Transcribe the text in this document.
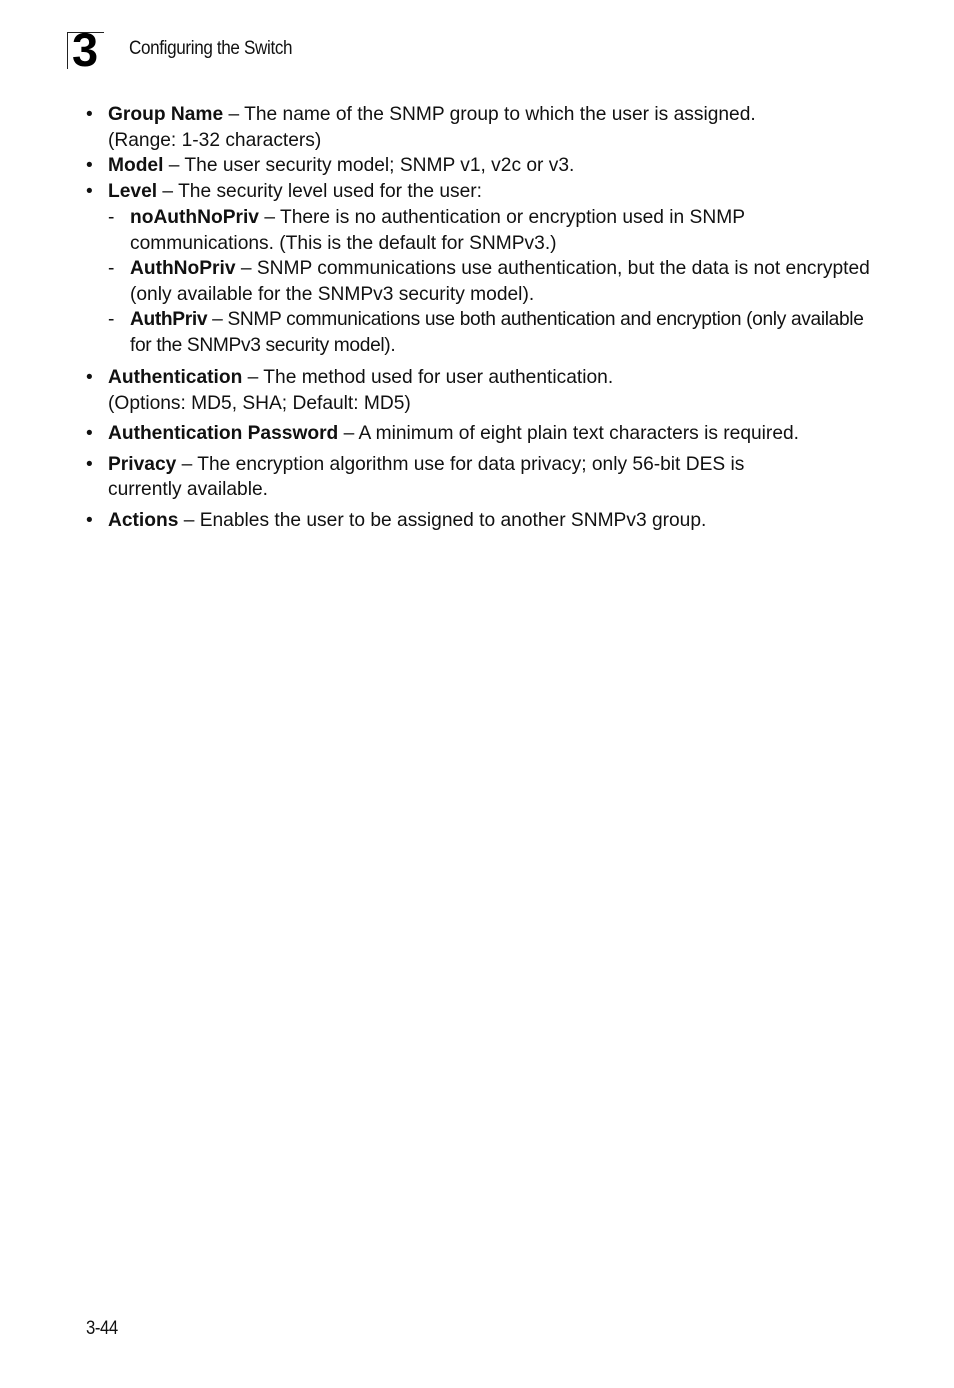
3 Configuring the Switch
• Group Name – The name of the SNMP group to which the user is assigned.
(Range: 1-32 characters)
• Model – The user security model; SNMP v1, v2c or v3.
• Level – The security level used for the user:
- noAuthNoPriv – There is no authentication or encryption used in SNMP communications. (This is the default for SNMPv3.)
- AuthNoPriv – SNMP communications use authentication, but the data is not encrypted (only available for the SNMPv3 security model).
- AuthPriv – SNMP communications use both authentication and encryption (only available for the SNMPv3 security model).
• Authentication – The method used for user authentication.
(Options: MD5, SHA; Default: MD5)
• Authentication Password – A minimum of eight plain text characters is required.
• Privacy – The encryption algorithm use for data privacy; only 56-bit DES is currently available.
• Actions – Enables the user to be assigned to another SNMPv3 group.
3-44
